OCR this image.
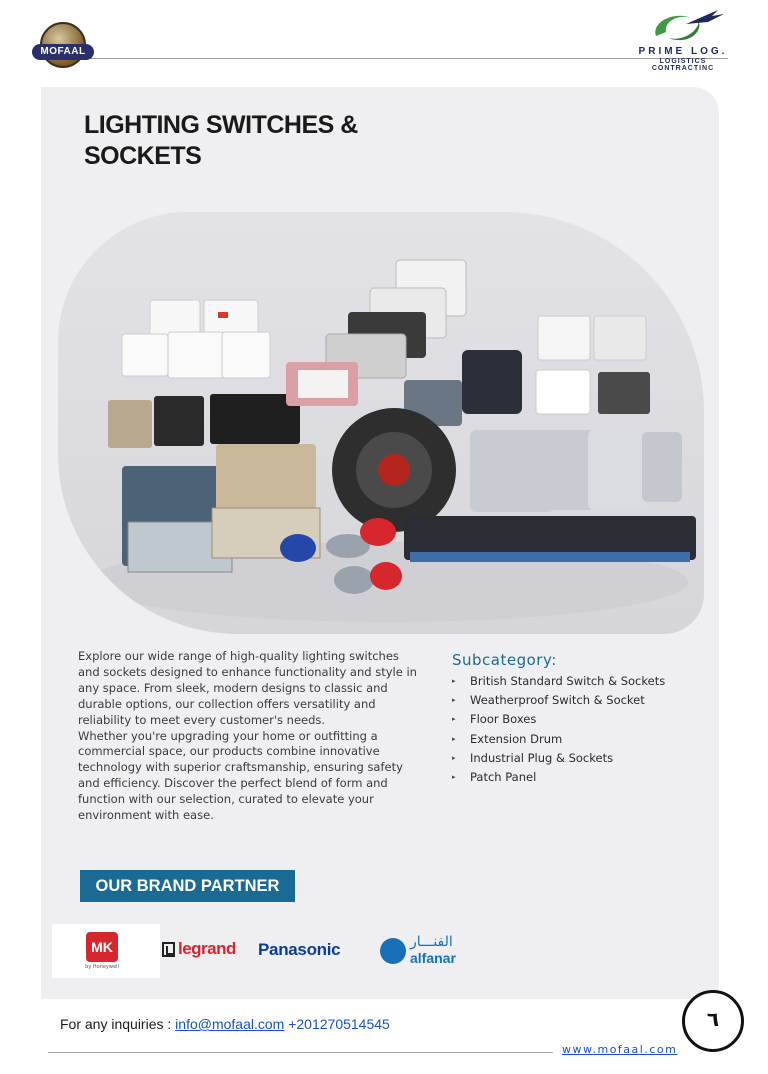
MOFAAL	PRIME LOG.
LOGISTICS CONTRACTINC
LIGHTING SWITCHES & SOCKETS

Explore our wide range of high-quality lighting switches and sockets designed to enhance functionality and style in any space. From sleek, modern designs to classic and durable options, our collection offers versatility and reliability to meet every customer's needs.
Whether you're upgrading your home or outfitting a commercial space, our products combine innovative technology with superior craftsmanship, ensuring safety and efficiency. Discover the perfect blend of form and function with our selection, curated to elevate your environment with ease.

Subcategory:
▸	British Standard Switch & Sockets
▸	Weatherproof Switch & Socket
▸	Floor Boxes
▸	Extension Drum
▸	Industrial Plug & Sockets
▸	Patch Panel
OUR BRAND PARTNER
MK
by Honeywell
legrand Panasonic	الفنـــار
alfanar
For any inquiries : info@mofaal.com +201270514545	٦
www.mofaal.com
